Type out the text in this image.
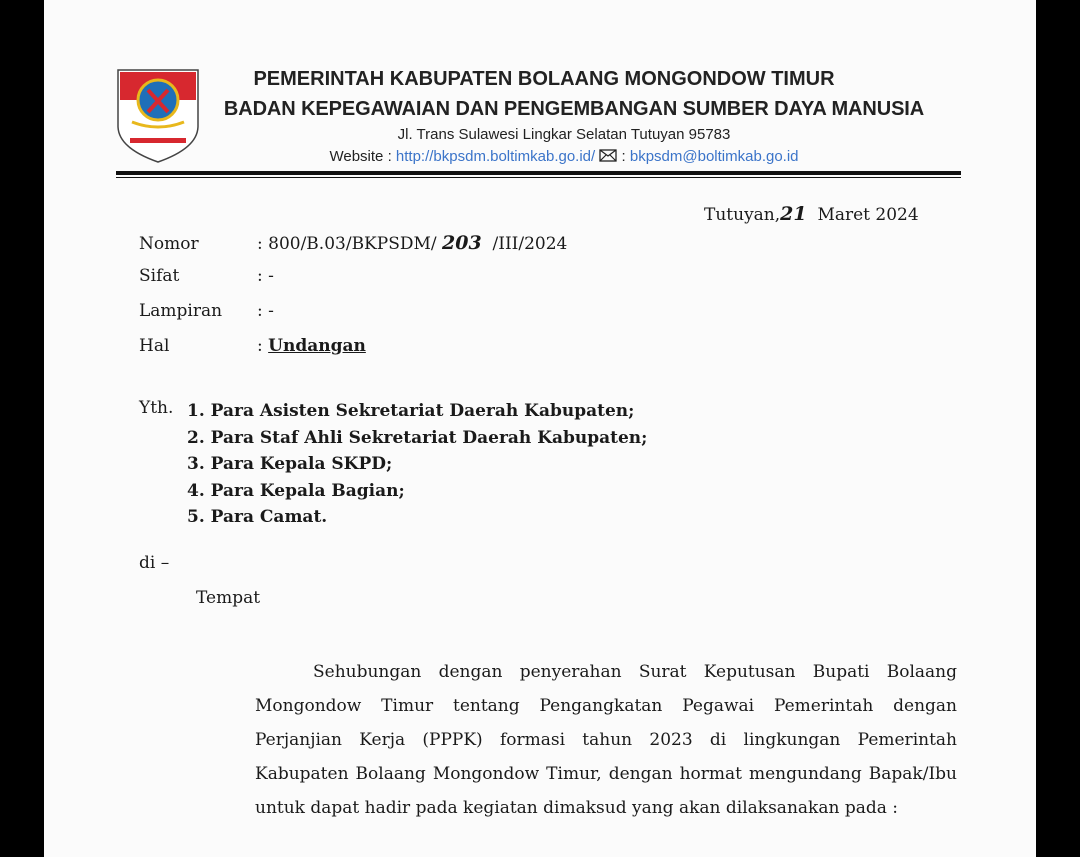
PEMERINTAH KABUPATEN BOLAANG MONGONDOW TIMUR
BADAN KEPEGAWAIAN DAN PENGEMBANGAN SUMBER DAYA MANUSIA
Jl. Trans Sulawesi Lingkar Selatan Tutuyan 95783
Website : http://bkpsdm.boltimkab.go.id/  : bkpsdm@boltimkab.go.id
Tutuyan,21 Maret 2024
Nomor	: 800/B.03/BKPSDM/ 203 /III/2024
Sifat	: -
Lampiran : -
Hal	: Undangan
Yth. 1. Para Asisten Sekretariat Daerah Kabupaten;
2. Para Staf Ahli Sekretariat Daerah Kabupaten;
3. Para Kepala SKPD;
4. Para Kepala Bagian;
5. Para Camat.
di –
Tempat
Sehubungan dengan penyerahan Surat Keputusan Bupati Bolaang Mongondow Timur tentang Pengangkatan Pegawai Pemerintah dengan Perjanjian Kerja (PPPK) formasi tahun 2023 di lingkungan Pemerintah Kabupaten Bolaang Mongondow Timur, dengan hormat mengundang Bapak/Ibu untuk dapat hadir pada kegiatan dimaksud yang akan dilaksanakan pada :
